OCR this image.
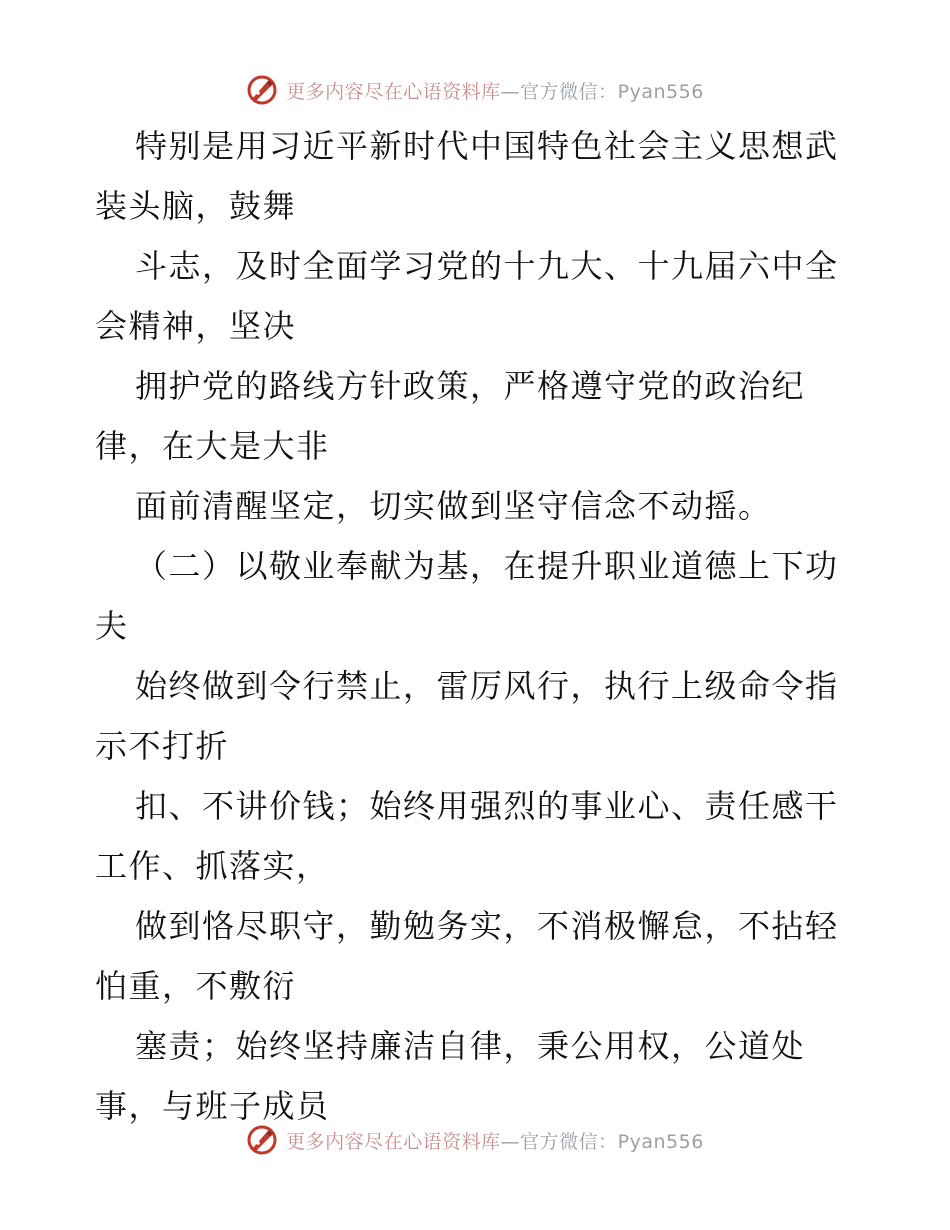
更多内容尽在心语资料库—官方微信：Pyan556
特别是用习近平新时代中国特色社会主义思想武
装头脑，鼓舞
斗志，及时全面学习党的十九大、十九届六中全
会精神，坚决
拥护党的路线方针政策，严格遵守党的政治纪
律，在大是大非
面前清醒坚定，切实做到坚守信念不动摇。
（二）以敬业奉献为基，在提升职业道德上下功
夫
始终做到令行禁止，雷厉风行，执行上级命令指
示不打折
扣、不讲价钱；始终用强烈的事业心、责任感干
工作、抓落实，
做到恪尽职守，勤勉务实，不消极懈怠，不拈轻
怕重，不敷衍
塞责；始终坚持廉洁自律，秉公用权，公道处
事，与班子成员
更多内容尽在心语资料库—官方微信：Pyan556
